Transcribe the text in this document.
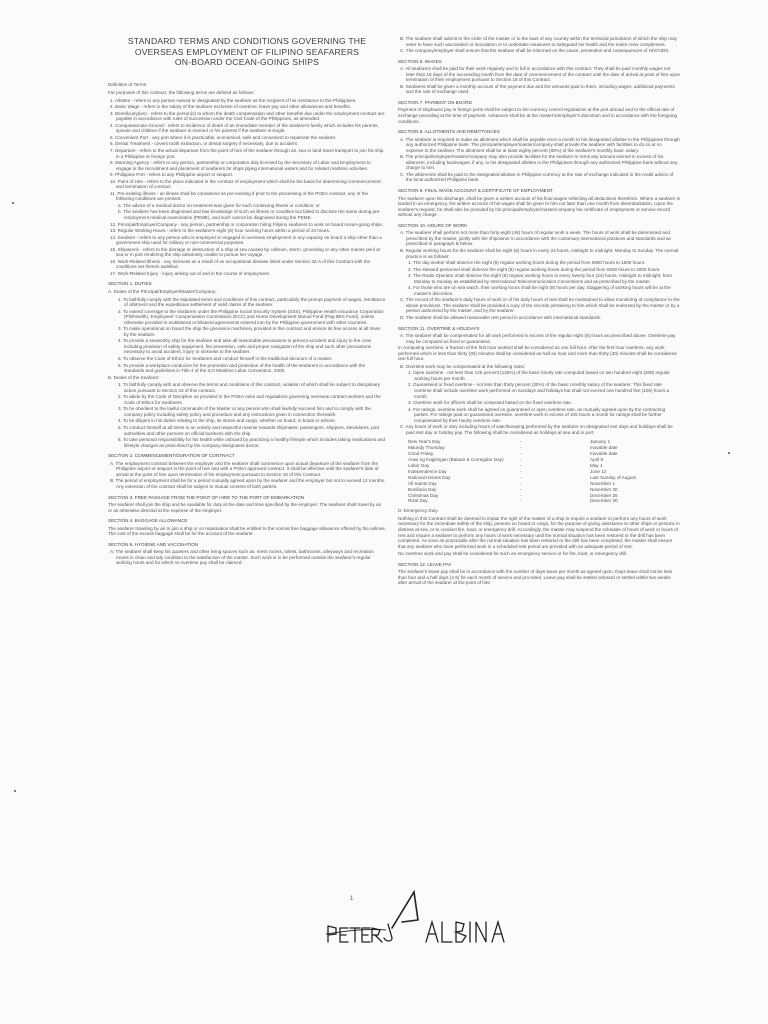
STANDARD TERMS AND CONDITIONS GOVERNING THE
OVERSEAS EMPLOYMENT OF FILIPINO SEAFARERS
ON-BOARD OCEAN-GOING SHIPS
Definition of Terms:
For purposes of this contract, the following terms are defined as follows:
1. Allottee - refers to any person named or designated by the seafarer as the recipient of his remittance to the Philippines.
2. Basic Wage - refers to the salary of the seafarer exclusive of overtime, leave pay and other allowances and benefits.
3. Beneficiary(ies) - refers to the person(s) to whom the death compensation and other benefits due under the employment contract are payable in accordance with rules of succession under the Civil Code of the Philippines, as amended.
4. Compassionate Ground - refers to incidence of death of an immediate member of the seafarer's family which includes his parents, spouse and children if the seafarer is married or his parents if the seafarer is single.
5. Convenient Port - any port where it is practicable, economical, safe and convenient to repatriate the seafarer.
6. Dental Treatment - covers tooth extraction, or dental surgery if necessary, due to accident.
7. Departure - refers to the actual departure from the point of hire of the seafarer through air, sea or land travel transport to join his ship in a Philippine or foreign port.
8. Manning Agency - refers to any person, partnership or corporation duly licensed by the Secretary of Labor and Employment to engage in the recruitment and placement of seafarers for ships plying international waters and for related maritime activities.
9. Philippine Port - refers to any Philippine airport or seaport.
10. Point of Hire - refers to the place indicated in the contract of employment which shall be the basis for determining commencement and termination of contract.
11. Pre-existing illness - an illness shall be considered as pre-existing if prior to the processing of the POEA contract, any of the following conditions are present:
a. The advice of a medical doctor on treatment was given for such continuing illness or condition; or
b. The seafarer has been diagnosed and has knowledge of such an illness or condition but failed to disclose the same during pre-employment medical examination (PEME), and such cannot be diagnosed during the PEME.
12. Principal/Employer/Company - any person, partnership or corporation hiring Filipino seafarers to work on board ocean-going ships.
13. Regular Working Hours - refers to the seafarer's eight (8) hour working hours within a period of 24 hours.
14. Seafarer - refers to any person who is employed or engaged in overseas employment in any capacity on board a ship other than a government ship used for military or non-commercial purposes.
15. Shipwreck - refers to the damage or destruction of a ship at sea caused by collision, storm, grounding or any other marine peril at sea or in port rendering the ship absolutely unable to pursue her voyage.
16. Work-Related Illness - any sickness as a result of an occupational disease listed under Section 32-A of this Contract with the conditions set therein satisfied.
17. Work-Related Injury - injury arising out of and in the course of employment.
SECTION 1. DUTIES
A. Duties of the Principal/Employer/Master/Company:
1. To faithfully comply with the stipulated terms and conditions of this contract, particularly the prompt payment of wages, remittance of allotment and the expeditious settlement of valid claims of the seafarer.
2. To extend coverage to the seafarers under the Philippine Social Security System (SSS), Philippine Health Insurance Corporation (PhilHealth), Employees' Compensation Commission (ECC) and Home Development Mutual Fund (Pag-IBIG Fund), unless otherwise provided in multilateral or bilateral agreements entered into by the Philippine government with other countries.
3. To make operational on board the ship the grievance machinery provided in this contract and ensure its free access at all times by the seafarer.
4. To provide a seaworthy ship for the seafarer and take all reasonable precautions to prevent accident and injury to the crew including provision of safety equipment, fire prevention, safe and proper navigation of the ship and such other precautions necessary to avoid accident, injury or sickness to the seafarer.
5. To observe the Code of Ethics for Seafarers and conduct himself in the traditional decorum of a master.
6. To provide a workplace conducive for the promotion and protection of the health of the seafarers in accordance with the standards and guidelines in Title 4 of the ILO Maritime Labor Convention, 2006.
B. Duties of the Seafarer:
1. To faithfully comply with and observe the terms and conditions of this contract, violation of which shall be subject to disciplinary action pursuant to Section 33 of this contract.
2. To abide by the Code of Discipline as provided in the POEA rules and regulations governing overseas contract workers and the Code of Ethics for Seafarers.
3. To be obedient to the lawful commands of the Master or any person who shall lawfully succeed him and to comply with the company policy including safety policy and procedure and any instructions given in connection therewith.
4. To be diligent in his duties relating to the ship, its stores and cargo, whether on board, in boats or ashore.
5. To conduct himself at all times in an orderly and respectful manner towards shipmates, passengers, shippers, stevedores, port authorities and other persons on official business with the ship.
6. To take personal responsibility for his health while onboard by practicing a healthy lifestyle which includes taking medications and lifestyle changes as prescribed by the company-designated doctor.
SECTION 2. COMMENCEMENT/DURATION OF CONTRACT
A. The employment contract between the employer and the seafarer shall commence upon actual departure of the seafarer from the Philippine airport or seaport in the point of hire and with a POEA approved contract. It shall be effective until the seafarer's date of arrival at the point of hire upon termination of his employment pursuant to Section 18 of this Contract.
B. The period of employment shall be for a period mutually agreed upon by the seafarer and the employer but not to exceed 12 months. Any extension of the contract shall be subject to mutual consent of both parties.
SECTION 3. FREE PASSAGE FROM THE POINT OF HIRE TO THE PORT OF EMBARKATION
The seafarer shall join the ship and be available for duty at the date and time specified by the employer. The seafarer shall travel by air or as otherwise directed at the expense of the employer.
SECTION 4. BAGGAGE ALLOWANCE
The seafarer traveling by air to join a ship or on repatriation shall be entitled to the normal free baggage allowance offered by the airlines. The cost of the excess baggage shall be for the account of the seafarer.
SECTION 5. HYGIENE AND VACCINATION
A. The seafarer shall keep his quarters and other living spaces such as: mess rooms, toilets, bathrooms, alleyways and recreation rooms in clean and tidy condition to the satisfaction of the master. Such work is to be performed outside the seafarer's regular working hours and for which no overtime pay shall be claimed.
B. The seafarer shall submit to the order of the master or to the laws of any country within the territorial jurisdiction of which the ship may enter to have such vaccination or inoculation or to undertake measures to safeguard his health and the entire crew complement.
C. The company/employer shall ensure that the seafarer shall be informed on the cause, prevention and consequences of HIV/AIDS.
SECTION 6. WAGES
A. All seafarers shall be paid for their work regularly and in full in accordance with this contract. They shall be paid monthly wages not later than 15 days of the succeeding month from the date of commencement of the contract until the date of arrival at point of hire upon termination of their employment pursuant to Section 18 of this Contract.
B. Seafarers shall be given a monthly account of the payment due and the amounts paid to them, including wages, additional payments and the rate of exchange used.
SECTION 7. PAYMENT ON BOARD
Payment of shipboard pay in foreign ports shall be subject to the currency control regulations at the port abroad and to the official rate of exchange prevailing at the time of payment. Advances shall be at the master's/employer's discretion and in accordance with the foregoing conditions.
SECTION 8. ALLOTMENTS AND REMITTANCES
A. The seafarer is required to make an allotment which shall be payable once a month to his designated allottee in the Philippines through any authorized Philippine bank. The principal/employer/master/company shall provide the seafarer with facilities to do so at no expense to the seafarer. The allotment shall be at least eighty percent (80%) of the seafarer's monthly basic salary.
B. The principal/employer/master/company may also provide facilities for the seafarer to remit any amount earned in excess of his allotment, including backwages, if any, to his designated allottee in the Philippines through any authorized Philippine bank without any charge to him.
C. The allotments shall be paid to the designated allottee in Philippine currency at the rate of exchange indicated in the credit advice of the local authorized Philippine bank.
SECTION 9. FINAL WAGE ACCOUNT & CERTIFICATE OF EMPLOYMENT
The seafarer upon his discharge, shall be given a written account of his final wages reflecting all deductions therefrom. Where a seafarer is landed in an emergency, the written account of his wages shall be given to him not later than one month from disembarkation. Upon the seafarer's request, he shall also be provided by his principal/employer/master/company his certificate of employment or service record without any charge.
SECTION 10. HOURS OF WORK
A. The seafarer shall perform not more than forty-eight (48) hours of regular work a week. The hours of work shall be determined and prescribed by the master, jointly with the shipowner in accordance with the customary international practices and standards and as prescribed in paragraph B below.
B. Regular working hours for the seafarer shall be eight (8) hours in every 24 hours, midnight to midnight, Monday to Sunday. The normal practice is as follows:
1. The day worker shall observe the eight (8) regular working hours during the period from 0600 hours to 1800 hours.
2. The steward personnel shall observe the eight (8) regular working hours during the period from 0500 hours to 2000 hours.
3. The Radio Operator shall observe the eight (8) regular working hours in every twenty four (24) hours, midnight to midnight, from Monday to Sunday as established by International Telecommunication Conventions and as prescribed by the master.
4. For those who are on sea watch, their working hours shall be eight (8) hours per day. Staggering of working hours will be at the master's discretion.
C. The record of the seafarer's daily hours of work or of his daily hours of rest shall be maintained to allow monitoring of compliance to the above provisions. The seafarer shall be provided a copy of the records pertaining to him which shall be endorsed by the master or by a person authorized by the master, and by the seafarer.
D. The seafarer shall be allowed reasonable rest period in accordance with international standards.
SECTION 11. OVERTIME & HOLIDAYS
A. The seafarer shall be compensated for all work performed in excess of the regular eight (8) hours as prescribed above. Overtime pay may be computed as fixed or guaranteed.
In computing overtime, a fraction of the first hour worked shall be considered as one full hour. After the first hour overtime, any work performed which is less than thirty (30) minutes shall be considered as half an hour and more than thirty (30) minutes shall be considered one full hour.
B. Overtime work may be compensated at the following rates:
1. Open overtime - not less than 125 percent (125%) of the basic hourly rate computed based on two hundred eight (208) regular working hours per month.
2. Guaranteed or fixed overtime - not less than thirty percent (30%) of the basic monthly salary of the seafarer. This fixed rate overtime shall include overtime work performed on Sundays and holidays but shall not exceed one hundred five (105) hours a month.
3. Overtime work for officers shall be computed based on the fixed overtime rate.
4. For ratings, overtime work shall be agreed on guaranteed or open overtime rate, as mutually agreed upon by the contracting parties. For ratings paid on guaranteed overtime, overtime work in excess of 105 hours a month for ratings shall be further compensated by their hourly overtime rate.
C. Any hours of work or duty including hours of watchkeeping performed by the seafarer on designated rest days and holidays shall be paid rest day or holiday pay. The following shall be considered as holidays at sea and in port:
New Year's Day	-	January 1
Maundy Thursday	-	movable date
Good Friday	-	movable date
Araw ng Kagitingan (Bataan & Corregidor Day)	-	April 9
Labor Day	-	May 1
Independence Day	-	June 12
National Heroes Day	-	Last Sunday of August
All Saints Day	-	November 1
Bonifacio Day	-	November 30
Christmas Day	-	December 25
Rizal Day	-	December 30
D. Emergency Duty
Nothing in this Contract shall be deemed to impair the right of the master of a ship to require a seafarer to perform any hours of work necessary for the immediate safety of the ship, persons on board or cargo, for the purpose of giving assistance to other ships or persons in distress at sea, or to conduct fire, boat, or emergency drill. Accordingly, the master may suspend the schedule of hours of work or hours of rest and require a seafarer to perform any hours of work necessary until the normal situation has been restored or the drill has been completed. As soon as practicable after the normal situation has been restored or the drill has been completed, the master shall ensure that any seafarer who have performed work in a scheduled rest period are provided with an adequate period of rest.
No overtime work and pay shall be considered for such an emergency service or for fire, boat, or emergency drill.
SECTION 12. LEAVE PAY
The seafarer's leave pay shall be in accordance with the number of days leave per month as agreed upon. Days leave shall not be less than four and a half days (4.5) for each month of service and pro-rated. Leave pay shall be settled onboard or settled within two weeks after arrival of the seafarer at the point of hire.
1
